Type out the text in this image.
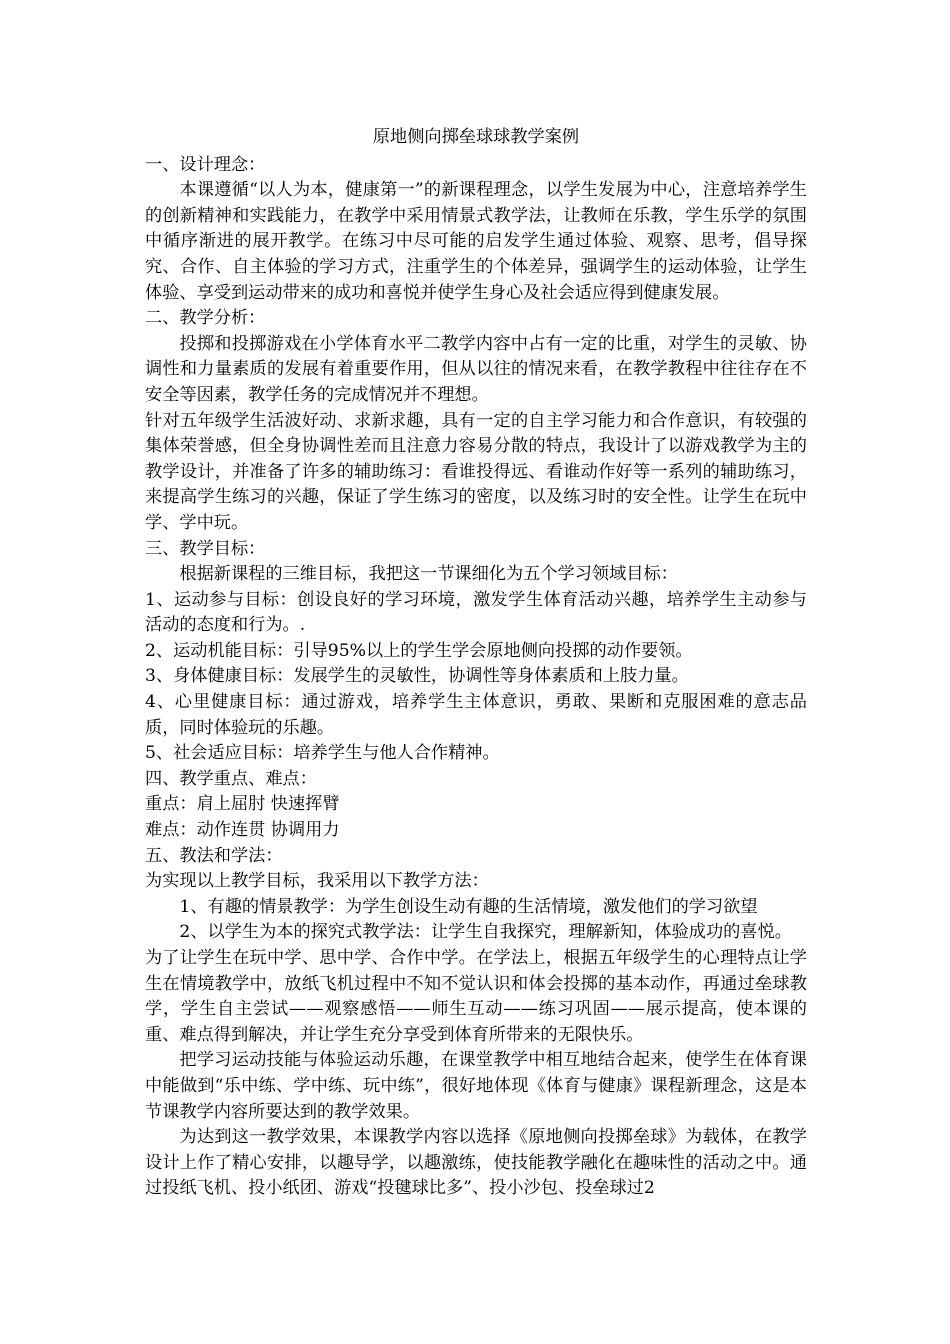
原地侧向掷垒球球教学案例

一、设计理念：

本课遵循“以人为本，健康第一”的新课程理念，以学生发展为中心，注意培养学生的创新精神和实践能力，在教学中采用情景式教学法，让教师在乐教，学生乐学的氛围中循序渐进的展开教学。在练习中尽可能的启发学生通过体验、观察、思考，倡导探究、合作、自主体验的学习方式，注重学生的个体差异，强调学生的运动体验，让学生体验、享受到运动带来的成功和喜悦并使学生身心及社会适应得到健康发展。

二、教学分析：

投掷和投掷游戏在小学体育水平二教学内容中占有一定的比重，对学生的灵敏、协调性和力量素质的发展有着重要作用，但从以往的情况来看，在教学教程中往往存在不安全等因素，教学任务的完成情况并不理想。

针对五年级学生活波好动、求新求趣，具有一定的自主学习能力和合作意识，有较强的集体荣誉感，但全身协调性差而且注意力容易分散的特点，我设计了以游戏教学为主的教学设计，并准备了许多的辅助练习：看谁投得远、看谁动作好等一系列的辅助练习，来提高学生练习的兴趣，保证了学生练习的密度，以及练习时的安全性。让学生在玩中学、学中玩。

三、教学目标：

根据新课程的三维目标，我把这一节课细化为五个学习领域目标：

1、运动参与目标：创设良好的学习环境，激发学生体育活动兴趣，培养学生主动参与活动的态度和行为。.

2、运动机能目标：引导95%以上的学生学会原地侧向投掷的动作要领。

3、身体健康目标：发展学生的灵敏性，协调性等身体素质和上肢力量。

4、心里健康目标：通过游戏，培养学生主体意识，勇敢、果断和克服困难的意志品质，同时体验玩的乐趣。

5、社会适应目标：培养学生与他人合作精神。

四、教学重点、难点：

重点：肩上屈肘 快速挥臂

难点：动作连贯 协调用力

五、教法和学法：

为实现以上教学目标，我采用以下教学方法：

1、有趣的情景教学：为学生创设生动有趣的生活情境，激发他们的学习欲望

2、以学生为本的探究式教学法：让学生自我探究，理解新知，体验成功的喜悦。

为了让学生在玩中学、思中学、合作中学。在学法上，根据五年级学生的心理特点让学生在情境教学中，放纸飞机过程中不知不觉认识和体会投掷的基本动作，再通过垒球教学，学生自主尝试——观察感悟——师生互动——练习巩固——展示提高，使本课的重、难点得到解决，并让学生充分享受到体育所带来的无限快乐。

把学习运动技能与体验运动乐趣，在课堂教学中相互地结合起来，使学生在体育课中能做到“乐中练、学中练、玩中练”，很好地体现《体育与健康》课程新理念，这是本节课教学内容所要达到的教学效果。

为达到这一教学效果，本课教学内容以选择《原地侧向投掷垒球》为载体，在教学设计上作了精心安排，以趣导学，以趣激练，使技能教学融化在趣味性的活动之中。通过投纸飞机、投小纸团、游戏“投毽球比多”、投小沙包、投垒球过2
